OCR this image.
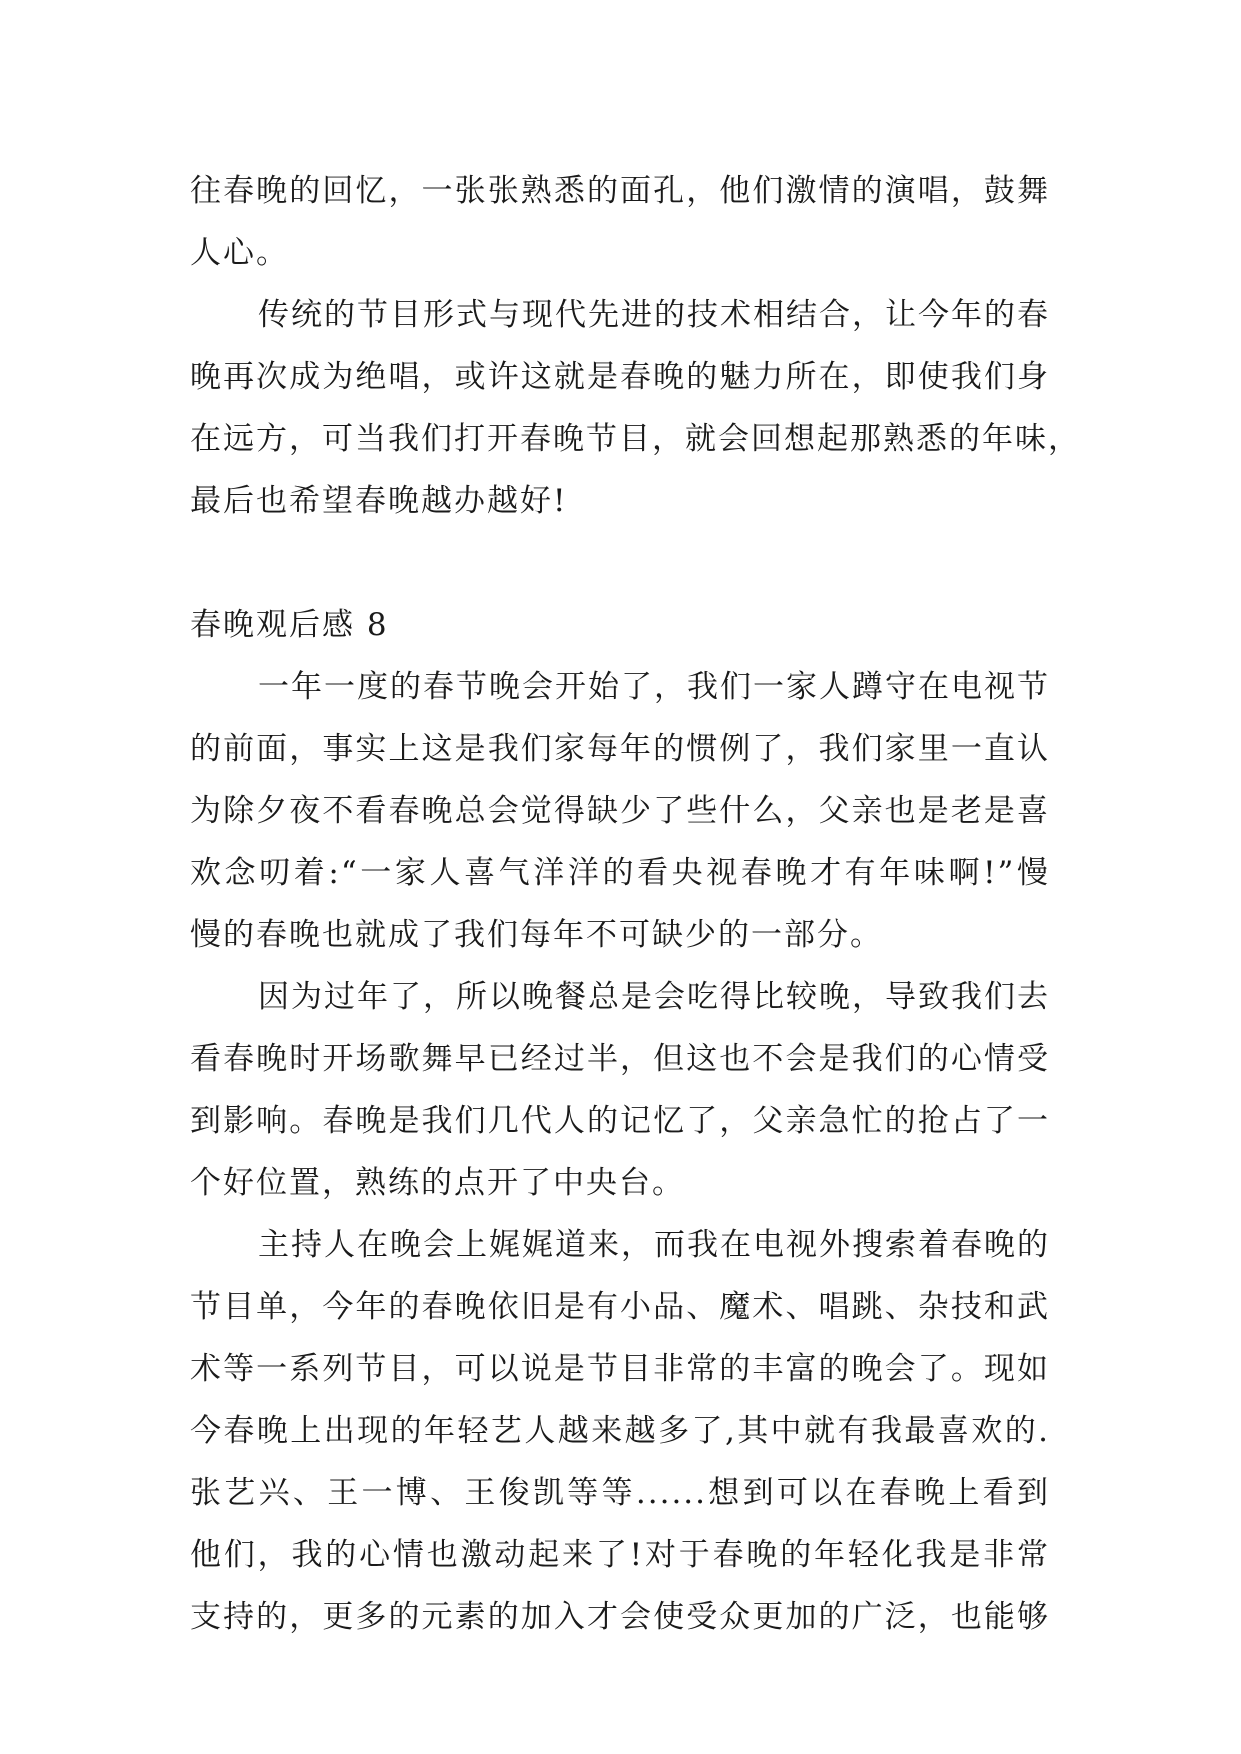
往春晚的回忆，一张张熟悉的面孔，他们激情的演唱，鼓舞
人心。
传统的节目形式与现代先进的技术相结合，让今年的春
晚再次成为绝唱，或许这就是春晚的魅力所在，即使我们身
在远方，可当我们打开春晚节目，就会回想起那熟悉的年味，
最后也希望春晚越办越好!
春晚观后感 8
一年一度的春节晚会开始了，我们一家人蹲守在电视节
的前面，事实上这是我们家每年的惯例了，我们家里一直认
为除夕夜不看春晚总会觉得缺少了些什么，父亲也是老是喜
欢念叨着:“一家人喜气洋洋的看央视春晚才有年味啊!”慢
慢的春晚也就成了我们每年不可缺少的一部分。
因为过年了，所以晚餐总是会吃得比较晚，导致我们去
看春晚时开场歌舞早已经过半，但这也不会是我们的心情受
到影响。春晚是我们几代人的记忆了，父亲急忙的抢占了一
个好位置，熟练的点开了中央台。
主持人在晚会上娓娓道来，而我在电视外搜索着春晚的
节目单，今年的春晚依旧是有小品、魔术、唱跳、杂技和武
术等一系列节目，可以说是节目非常的丰富的晚会了。现如
今春晚上出现的年轻艺人越来越多了,其中就有我最喜欢的.
张艺兴、王一博、王俊凯等等......想到可以在春晚上看到
他们，我的心情也激动起来了!对于春晚的年轻化我是非常
支持的，更多的元素的加入才会使受众更加的广泛，也能够
